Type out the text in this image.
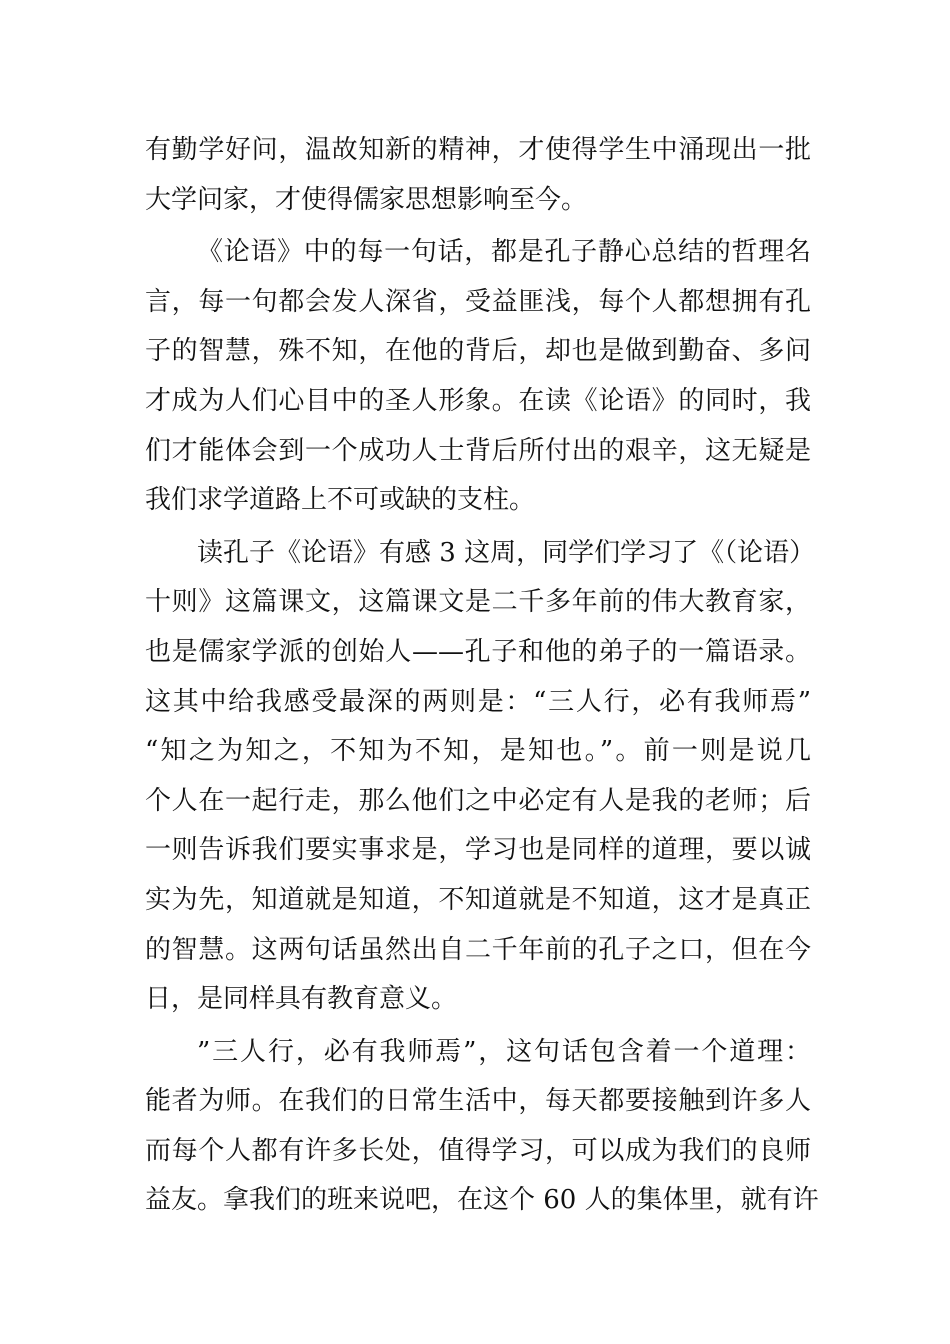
有勤学好问，温故知新的精神，才使得学生中涌现出一批
大学问家，才使得儒家思想影响至今。
《论语》中的每一句话，都是孔子静心总结的哲理名
言，每一句都会发人深省，受益匪浅，每个人都想拥有孔
子的智慧，殊不知，在他的背后，却也是做到勤奋、多问
才成为人们心目中的圣人形象。在读《论语》的同时，我
们才能体会到一个成功人士背后所付出的艰辛，这无疑是
我们求学道路上不可或缺的支柱。
读孔子《论语》有感 3 这周，同学们学习了《（论语）
十则》这篇课文，这篇课文是二千多年前的伟大教育家，
也是儒家学派的创始人——孔子和他的弟子的一篇语录。
这其中给我感受最深的两则是：“三人行，必有我师焉”
“知之为知之，不知为不知，是知也。”。前一则是说几
个人在一起行走，那么他们之中必定有人是我的老师；后
一则告诉我们要实事求是，学习也是同样的道理，要以诚
实为先，知道就是知道，不知道就是不知道，这才是真正
的智慧。这两句话虽然出自二千年前的孔子之口，但在今
日，是同样具有教育意义。
”三人行，必有我师焉”，这句话包含着一个道理：
能者为师。在我们的日常生活中，每天都要接触到许多人
而每个人都有许多长处，值得学习，可以成为我们的良师
益友。拿我们的班来说吧，在这个 60 人的集体里，就有许
